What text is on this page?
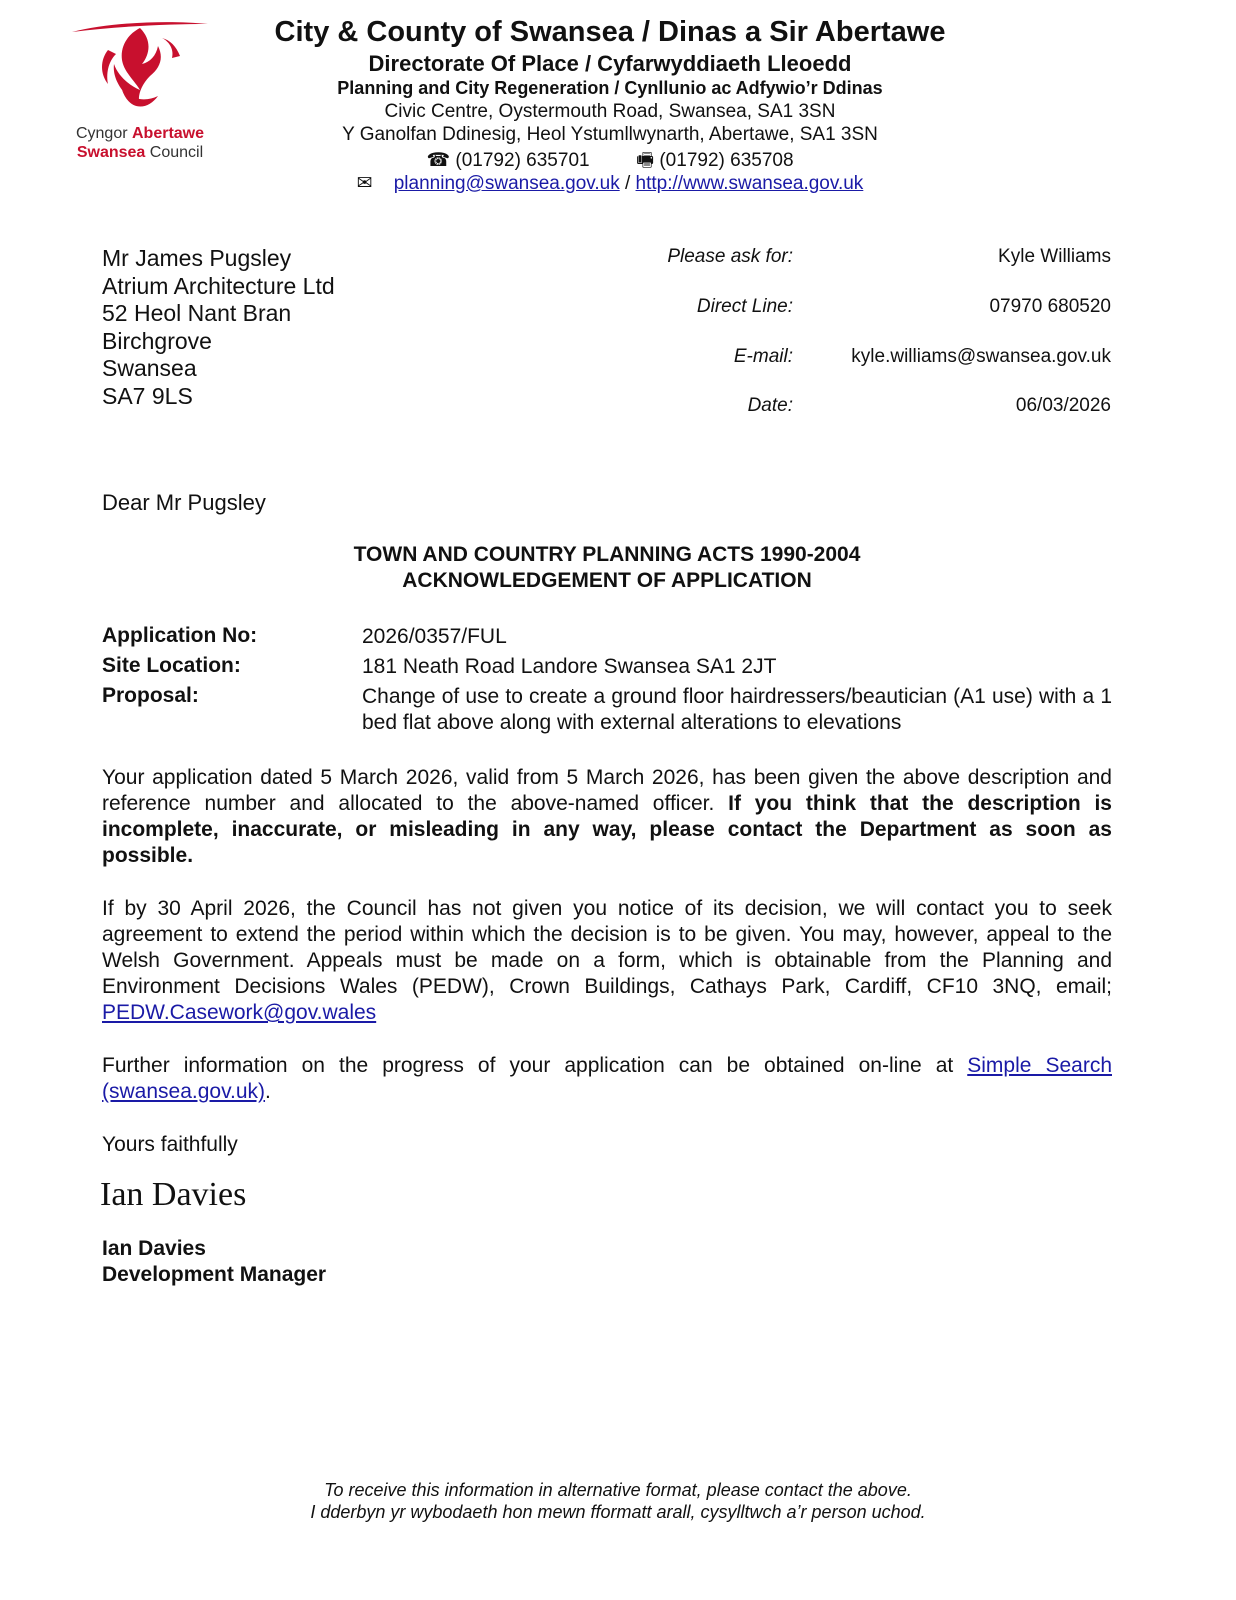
Cyngor Abertawe
Swansea Council
City & County of Swansea / Dinas a Sir Abertawe
Directorate Of Place / Cyfarwyddiaeth Lleoedd
Planning and City Regeneration / Cynllunio ac Adfywio’r Ddinas
Civic Centre, Oystermouth Road, Swansea, SA1 3SN
Y Ganolfan Ddinesig, Heol Ystumllwynarth, Abertawe, SA1 3SN
☎ (01792) 635701 🖷 (01792) 635708
✉ planning@swansea.gov.uk / http://www.swansea.gov.uk
Mr James Pugsley
Atrium Architecture Ltd
52 Heol Nant Bran
Birchgrove
Swansea
SA7 9LS
Please ask for:	Kyle Williams
Direct Line:	07970 680520
E-mail:	kyle.williams@swansea.gov.uk
Date:	06/03/2026
Dear Mr Pugsley
TOWN AND COUNTRY PLANNING ACTS 1990-2004
ACKNOWLEDGEMENT OF APPLICATION
Application No:	2026/0357/FUL
Site Location:	181 Neath Road Landore Swansea SA1 2JT
Proposal:	Change of use to create a ground floor hairdressers/beautician (A1 use) with a 1 bed flat above along with external alterations to elevations
Your application dated 5 March 2026, valid from 5 March 2026, has been given the above description and reference number and allocated to the above-named officer. If you think that the description is incomplete, inaccurate, or misleading in any way, please contact the Department as soon as possible.
If by 30 April 2026, the Council has not given you notice of its decision, we will contact you to seek agreement to extend the period within which the decision is to be given. You may, however, appeal to the Welsh Government. Appeals must be made on a form, which is obtainable from the Planning and Environment Decisions Wales (PEDW), Crown Buildings, Cathays Park, Cardiff, CF10 3NQ, email; PEDW.Casework@gov.wales
Further information on the progress of your application can be obtained on-line at Simple Search (swansea.gov.uk).
Yours faithfully
Ian Davies
Ian Davies
Development Manager
To receive this information in alternative format, please contact the above.
I dderbyn yr wybodaeth hon mewn fformatt arall, cysylltwch a’r person uchod.
